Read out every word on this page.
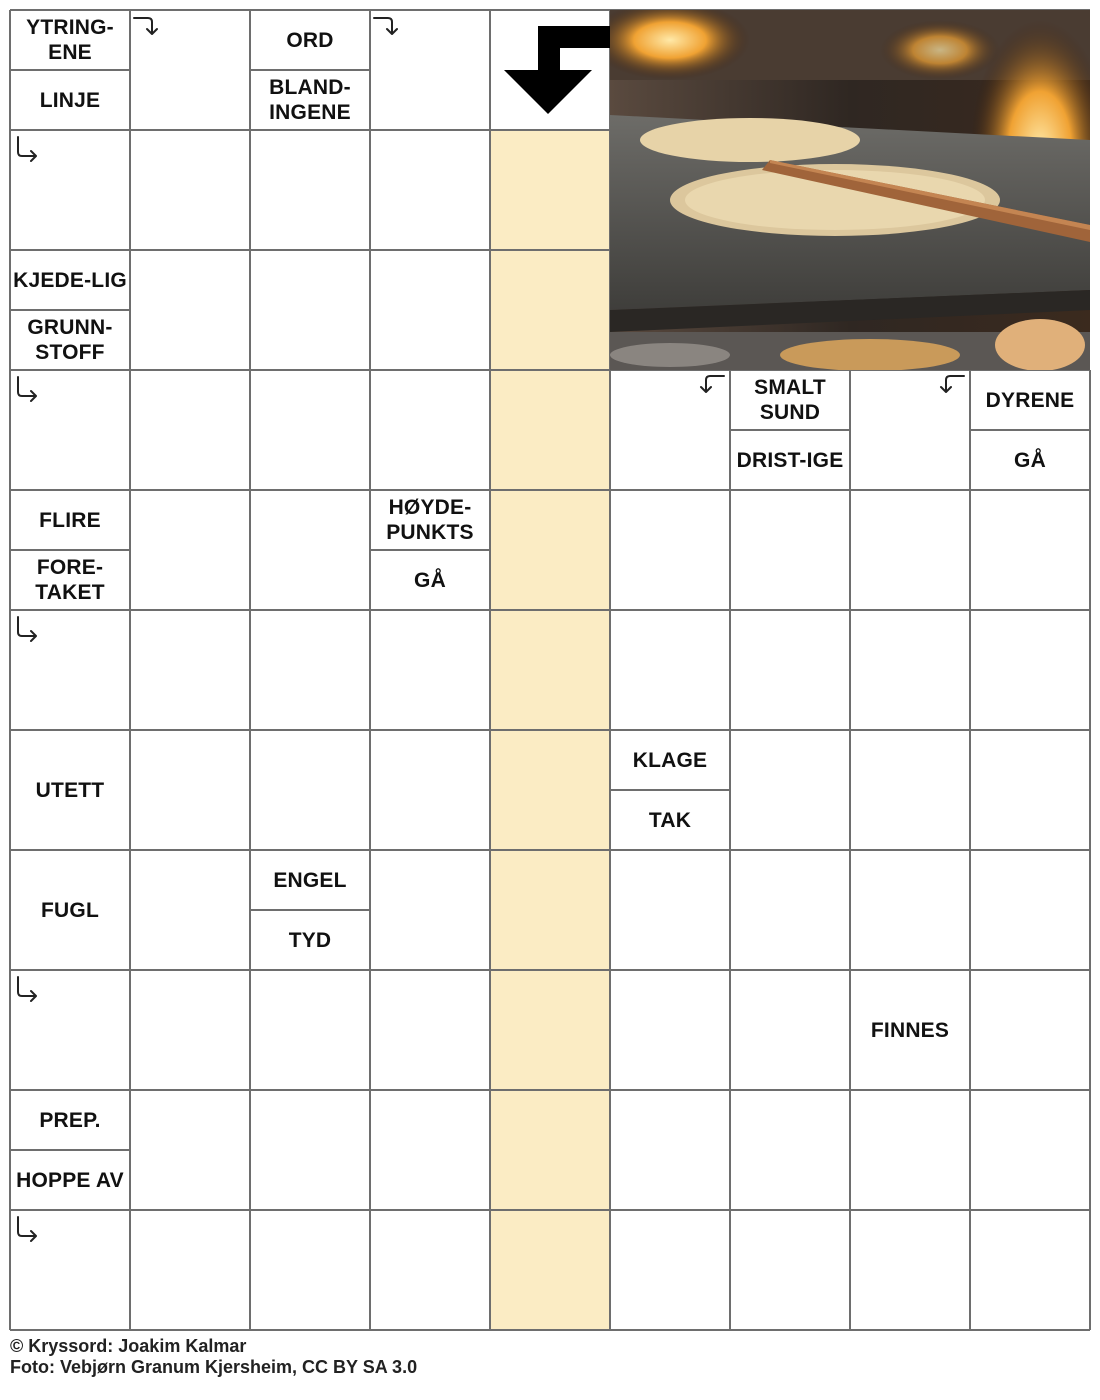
YTRING-ENE
LINJE
ORD
BLAND-INGENE
KJEDE-LIG
GRUNN-STOFF
SMALT SUND
DRIST-IGE
DYRENE
GÅ
FLIRE
FORE-TAKET
HØYDE-PUNKTS
GÅ
UTETT
KLAGE
TAK
FUGL
ENGEL
TYD
FINNES
PREP.
HOPPE AV
© Kryssord: Joakim Kalmar
Foto: Vebjørn Granum Kjersheim, CC BY SA 3.0
